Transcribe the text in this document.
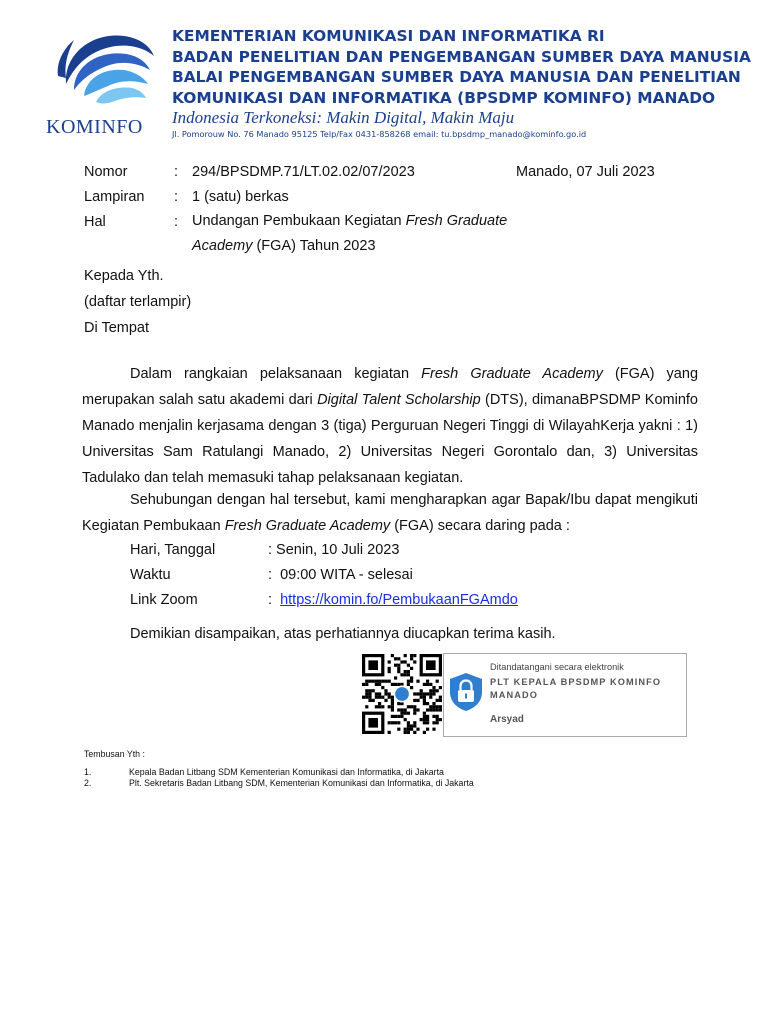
KOMINFO
KEMENTERIAN KOMUNIKASI DAN INFORMATIKA RI
BADAN PENELITIAN DAN PENGEMBANGAN SUMBER DAYA MANUSIA
BALAI PENGEMBANGAN SUMBER DAYA MANUSIA DAN PENELITIAN
KOMUNIKASI DAN INFORMATIKA (BPSDMP KOMINFO) MANADO
Indonesia Terkoneksi: Makin Digital, Makin Maju
Jl. Pomorouw No. 76 Manado 95125 Telp/Fax 0431-858268 email: tu.bpsdmp_manado@kominfo.go.id
Nomor	: 294/BPSDMP.71/LT.02.02/07/2023
Lampiran	: 1 (satu) berkas
Hal	: Undangan Pembukaan Kegiatan Fresh Graduate Academy (FGA) Tahun 2023
Manado, 07 Juli 2023
Kepada Yth.
(daftar terlampir)
Di Tempat
Dalam rangkaian pelaksanaan kegiatan Fresh Graduate Academy (FGA) yang merupakan salah satu akademi dari Digital Talent Scholarship (DTS), dimanaBPSDMP Kominfo Manado menjalin kerjasama dengan 3 (tiga) Perguruan Negeri Tinggi di WilayahKerja yakni : 1) Universitas Sam Ratulangi Manado, 2) Universitas Negeri Gorontalo dan, 3) Universitas Tadulako dan telah memasuki tahap pelaksanaan kegiatan.
Sehubungan dengan hal tersebut, kami mengharapkan agar Bapak/Ibu dapat mengikuti Kegiatan Pembukaan Fresh Graduate Academy (FGA) secara daring pada :
Hari, Tanggal	: Senin, 10 Juli 2023
Waktu	:  09:00 WITA - selesai
Link Zoom	:  https://komin.fo/PembukaanFGAmdo
Demikian disampaikan, atas perhatiannya diucapkan terima kasih.
Ditandatangani secara elektronik
PLT KEPALA BPSDMP KOMINFO MANADO
Arsyad
Tembusan Yth :
1.	Kepala Badan Litbang SDM Kementerian Komunikasi dan Informatika, di Jakarta
2.	Plt. Sekretaris Badan Litbang SDM, Kementerian Komunikasi dan Informatika, di Jakarta
